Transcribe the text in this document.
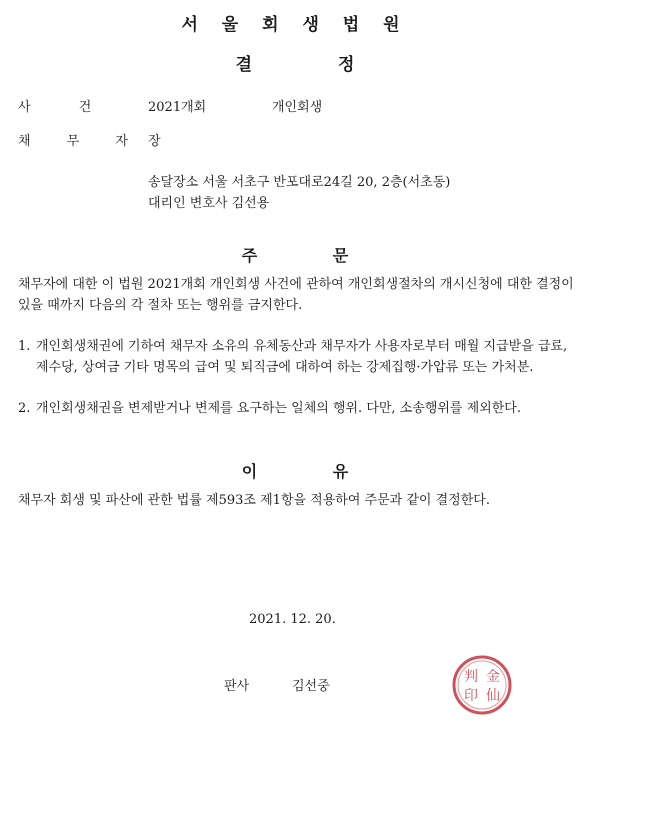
서 울 회 생 법 원
결 정
사 건	2021개회	개인회생
채 무 자 장
송달장소 서울 서초구 반포대로24길 20, 2층(서초동)
대리인 변호사 김선용
주 문
채무자에 대한 이 법원 2021개회 개인회생 사건에 관하여 개인회생절차의 개시신청에 대한 결정이 있을 때까지 다음의 각 절차 또는 행위를 금지한다.
1. 개인회생채권에 기하여 채무자 소유의 유체동산과 채무자가 사용자로부터 매월 지급받을 급료, 제수당, 상여금 기타 명목의 급여 및 퇴직금에 대하여 하는 강제집행·가압류 또는 가처분.
2. 개인회생채권을 변제받거나 변제를 요구하는 일체의 행위. 다만, 소송행위를 제외한다.
이 유
채무자 회생 및 파산에 관한 법률 제593조 제1항을 적용하여 주문과 같이 결정한다.
2021. 12. 20.
판사	김선중
判 金
印 仙
